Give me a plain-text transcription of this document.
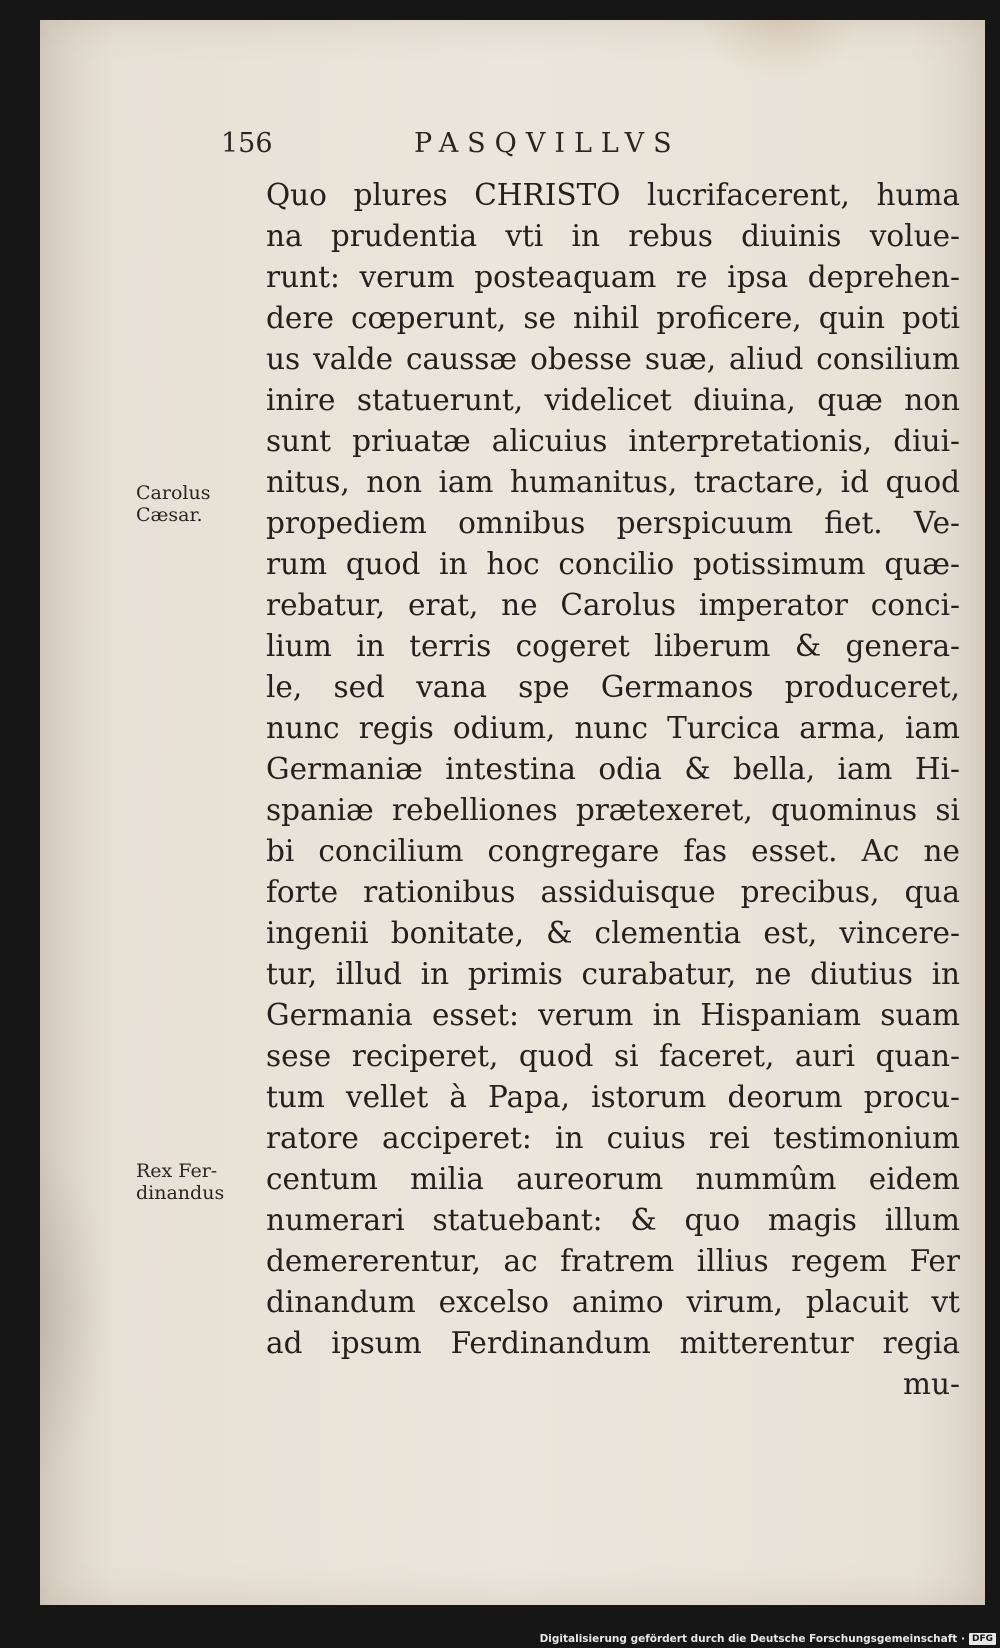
156	PASQVILLVS
Carolus
Cæsar.
Rex Fer-
dinandus
Quo plures CHRISTO lucrifacerent, huma
na prudentia vti in rebus diuinis volue-
runt: verum posteaquam re ipsa deprehen-
dere cœperunt, se nihil proficere, quin poti
us valde caussæ obesse suæ, aliud consilium
inire statuerunt, videlicet diuina, quæ non
sunt priuatæ alicuius interpretationis, diui-
nitus, non iam humanitus, tractare, id quod
propediem omnibus perspicuum fiet. Ve-
rum quod in hoc concilio potissimum quæ-
rebatur, erat, ne Carolus imperator conci-
lium in terris cogeret liberum & genera-
le, sed vana spe Germanos produceret,
nunc regis odium, nunc Turcica arma, iam
Germaniæ intestina odia & bella, iam Hi-
spaniæ rebelliones prætexeret, quominus si
bi concilium congregare fas esset. Ac ne
forte rationibus assiduisque precibus, qua
ingenii bonitate, & clementia est, vincere-
tur, illud in primis curabatur, ne diutius in
Germania esset: verum in Hispaniam suam
sese reciperet, quod si faceret, auri quan-
tum vellet à Papa, istorum deorum procu-
ratore acciperet: in cuius rei testimonium
centum milia aureorum nummûm eidem
numerari statuebant: & quo magis illum
demererentur, ac fratrem illius regem Fer
dinandum excelso animo virum, placuit vt
ad ipsum Ferdinandum mitterentur regia
mu-
Digitalisierung gefördert durch die Deutsche Forschungsgemeinschaft · DFG
